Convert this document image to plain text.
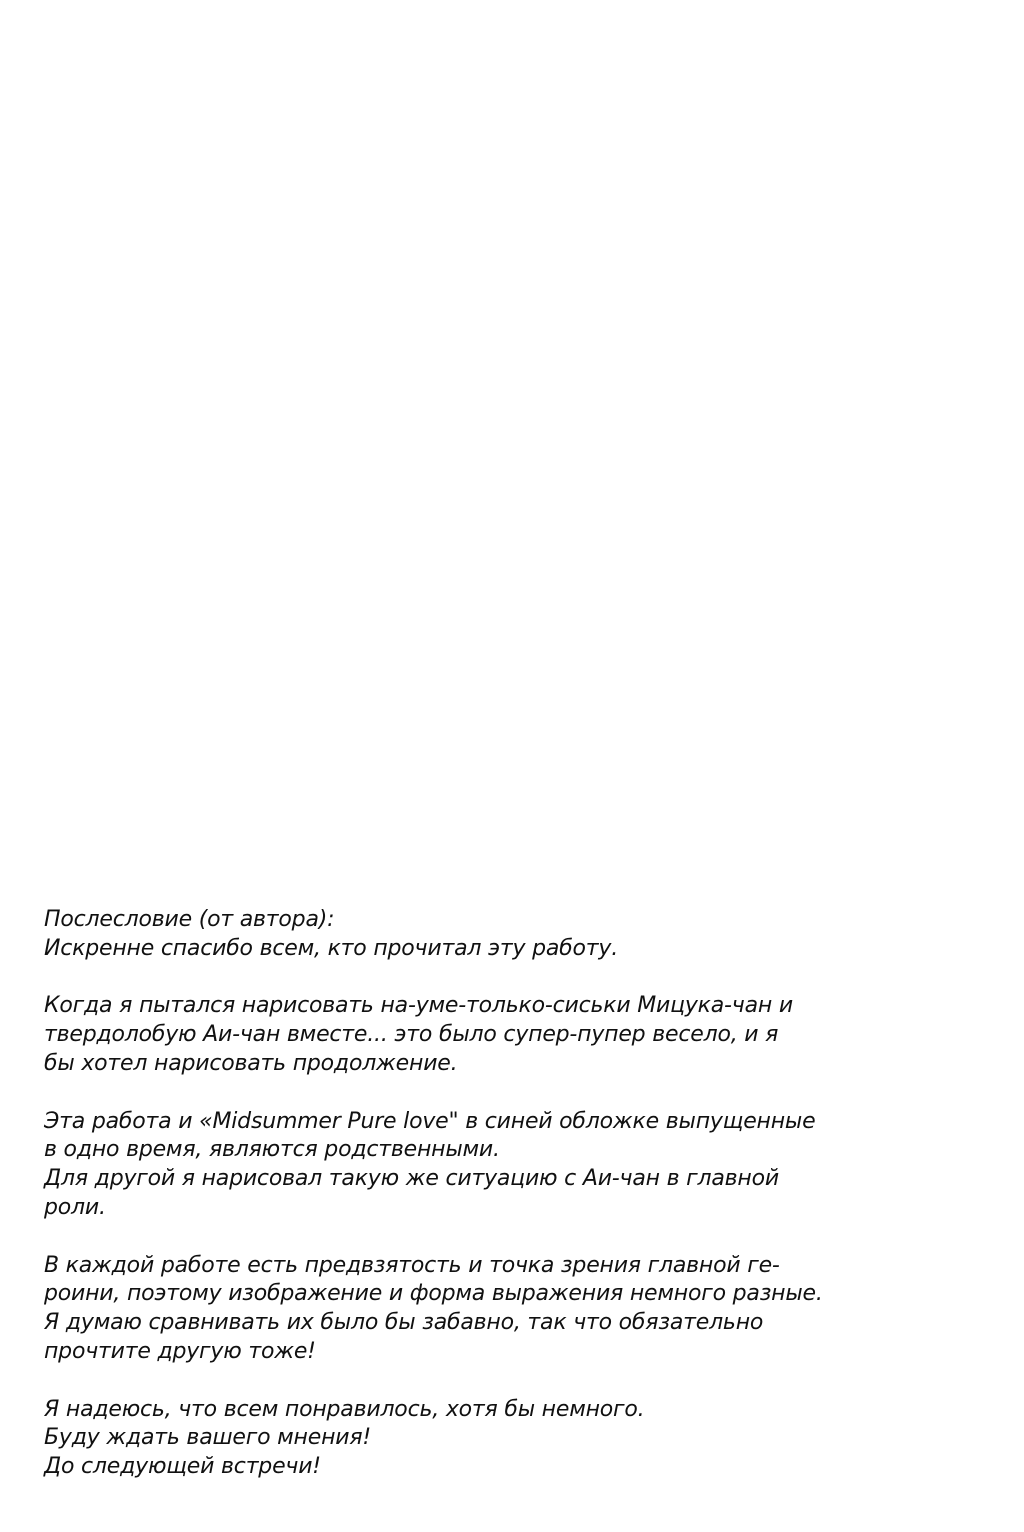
Послесловие (от автора):
Искренне спасибо всем, кто прочитал эту работу.
Когда я пытался нарисовать на-уме-только-сиськи Мицука-чан и
твердолобую Аи-чан вместе... это было супер-пупер весело, и я
бы хотел нарисовать продолжение.
Эта работа и «Midsummer Pure love" в синей обложке выпущенные
в одно время, являются родственными.
Для другой я нарисовал такую же ситуацию с Аи-чан в главной
роли.
В каждой работе есть предвзятость и точка зрения главной ге-
роини, поэтому изображение и форма выражения немного разные.
Я думаю сравнивать их было бы забавно, так что обязательно
прочтите другую тоже!
Я надеюсь, что всем понравилось, хотя бы немного.
Буду ждать вашего мнения!
До следующей встречи!
